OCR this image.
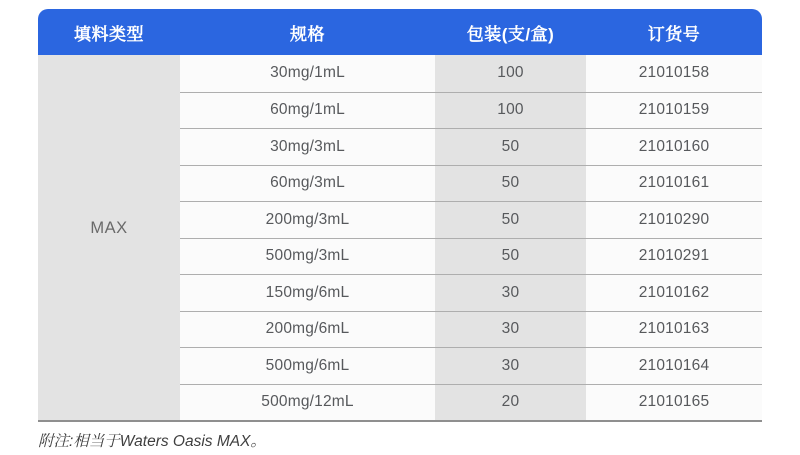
填料类型	规格	包装(支/盒)	订货号
MAX
30mg/1mL	100	21010158
60mg/1mL	100	21010159
30mg/3mL	50	21010160
60mg/3mL	50	21010161
200mg/3mL	50	21010290
500mg/3mL	50	21010291
150mg/6mL	30	21010162
200mg/6mL	30	21010163
500mg/6mL	30	21010164
500mg/12mL	20	21010165
附注:相当于Waters Oasis MAX。
